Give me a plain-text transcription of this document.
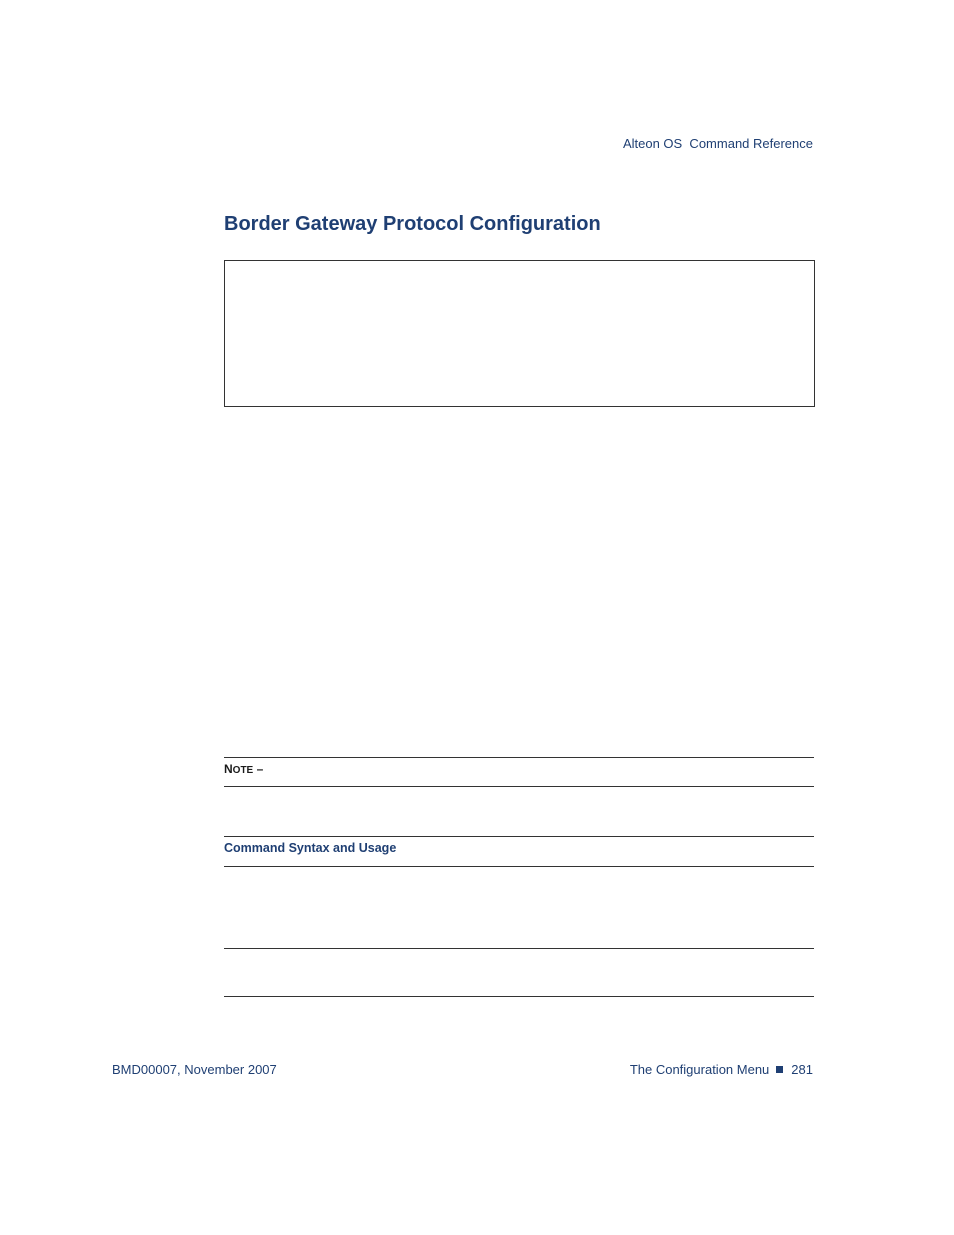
Alteon OS  Command Reference
Border Gateway Protocol Configuration
NOTE –
Command Syntax and Usage
BMD00007, November 2007	The Configuration Menu 281
